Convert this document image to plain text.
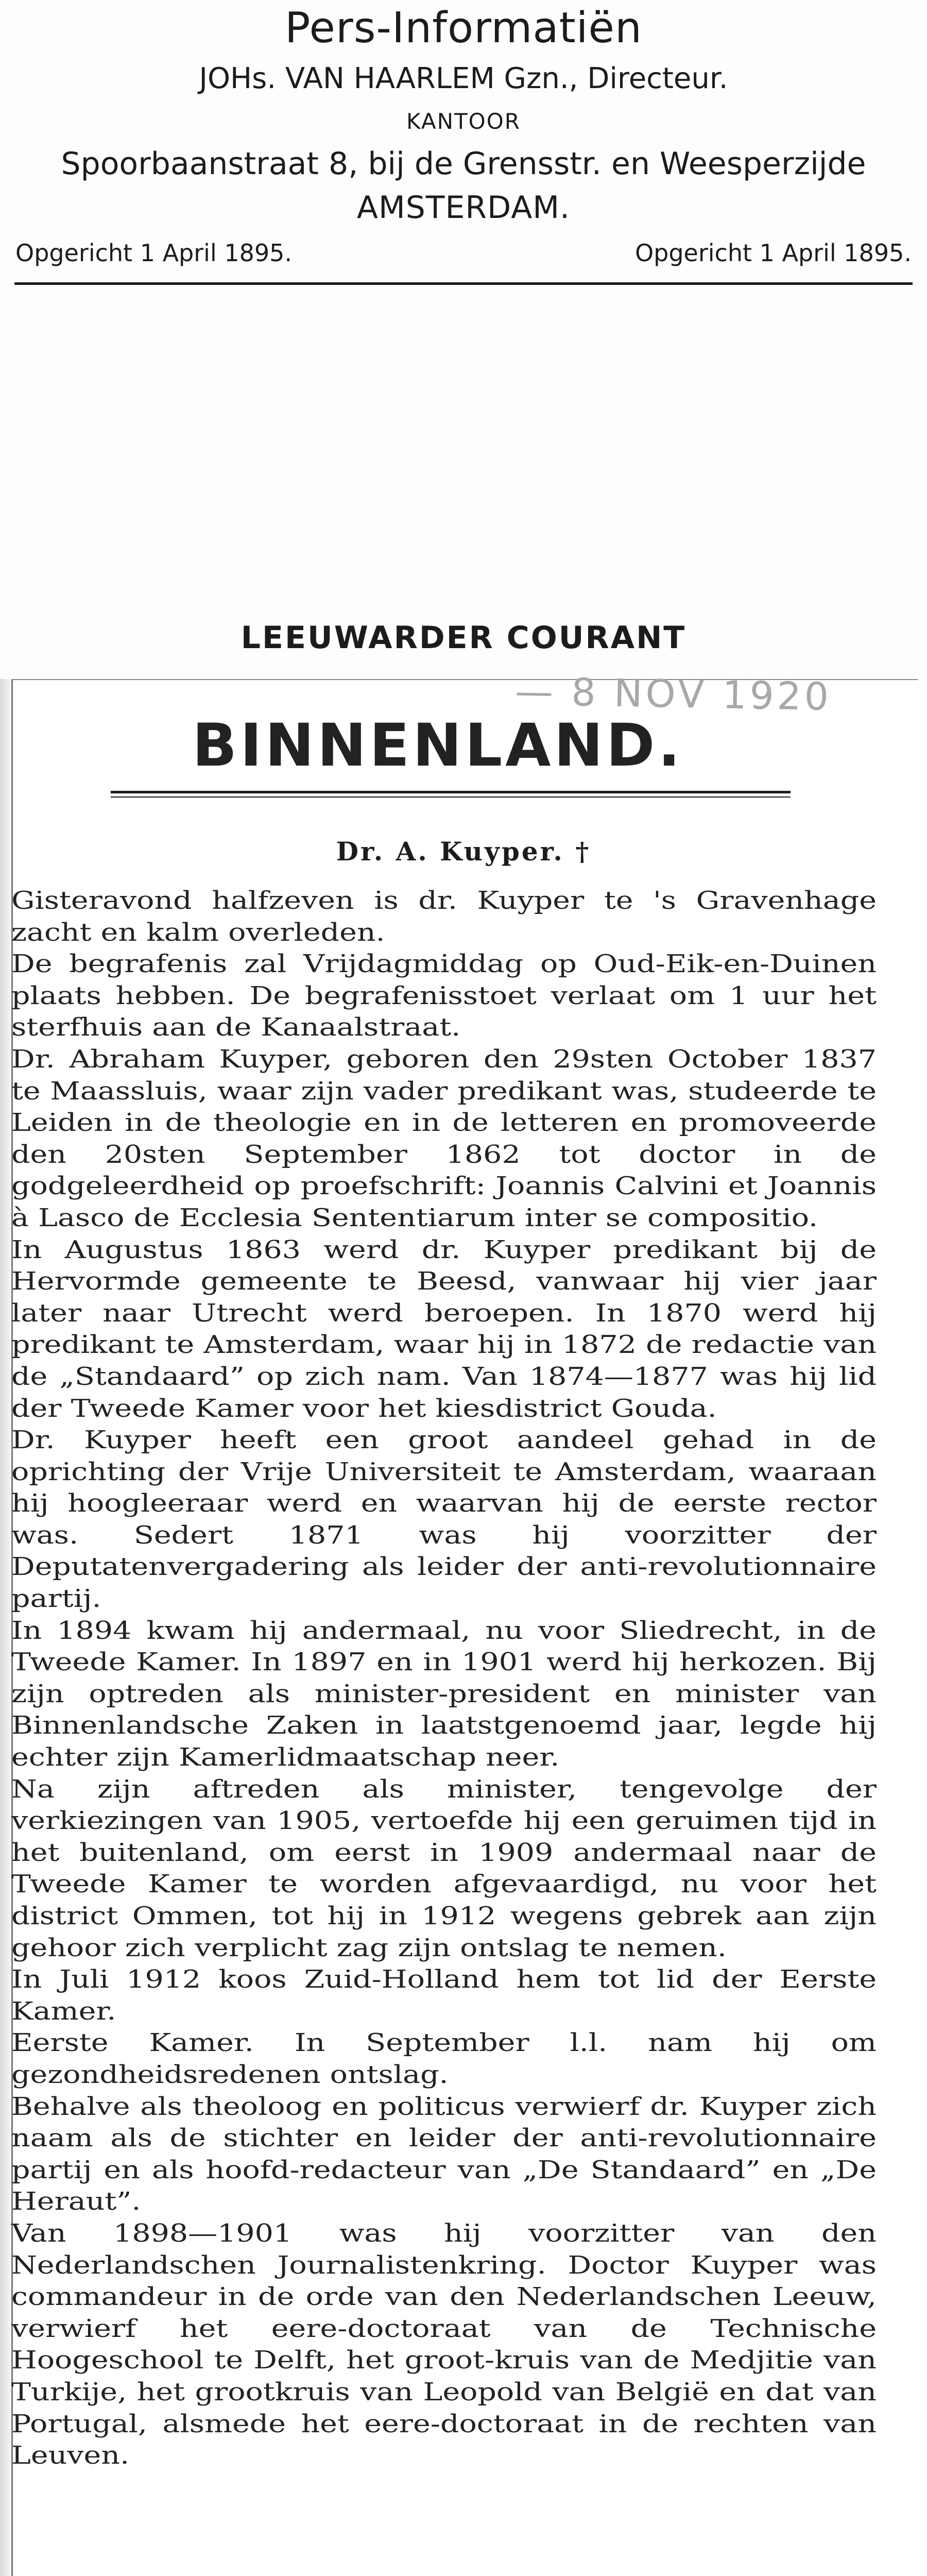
Pers-Informatiën
JOHs. VAN HAARLEM Gzn., Directeur.
KANTOOR
Spoorbaanstraat 8, bij de Grensstr. en Weesperzijde
AMSTERDAM.
Opgericht 1 April 1895.	Opgericht 1 April 1895.
LEEUWARDER COURANT
— 8 NOV 1920
BINNENLAND.
Dr. A. Kuyper. †

Gisteravond halfzeven is dr. Kuyper te 's Gravenhage zacht en kalm overleden.

De begrafenis zal Vrijdagmiddag op Oud-Eik-en-Duinen plaats hebben. De begrafenisstoet verlaat om 1 uur het sterfhuis aan de Kanaalstraat.

Dr. Abraham Kuyper, geboren den 29sten October 1837 te Maassluis, waar zijn vader predikant was, studeerde te Leiden in de theologie en in de letteren en promoveerde den 20sten September 1862 tot doctor in de godgeleerdheid op proefschrift: Joannis Calvini et Joannis à Lasco de Ecclesia Sententiarum inter se compositio.

In Augustus 1863 werd dr. Kuyper predikant bij de Hervormde gemeente te Beesd, vanwaar hij vier jaar later naar Utrecht werd beroepen. In 1870 werd hij predikant te Amsterdam, waar hij in 1872 de redactie van de „Standaard” op zich nam. Van 1874—1877 was hij lid der Tweede Kamer voor het kiesdistrict Gouda.

Dr. Kuyper heeft een groot aandeel gehad in de oprichting der Vrije Universiteit te Amsterdam, waaraan hij hoogleeraar werd en waarvan hij de eerste rector was. Sedert 1871 was hij voorzitter der Deputatenvergadering als leider der anti-revolutionnaire partij.

In 1894 kwam hij andermaal, nu voor Sliedrecht, in de Tweede Kamer. In 1897 en in 1901 werd hij herkozen. Bij zijn optreden als minister-president en minister van Binnenlandsche Zaken in laatstgenoemd jaar, legde hij echter zijn Kamerlidmaatschap neer.

Na zijn aftreden als minister, tengevolge der verkiezingen van 1905, vertoefde hij een geruimen tijd in het buitenland, om eerst in 1909 andermaal naar de Tweede Kamer te worden afgevaardigd, nu voor het district Ommen, tot hij in 1912 wegens gebrek aan zijn gehoor zich verplicht zag zijn ontslag te nemen.

In Juli 1912 koos Zuid-Holland hem tot lid der Eerste Kamer.

Eerste Kamer. In September l.l. nam hij om gezondheidsredenen ontslag.

Behalve als theoloog en politicus verwierf dr. Kuyper zich naam als de stichter en leider der anti-revolutionnaire partij en als hoofd-redacteur van „De Standaard” en „De Heraut”.

Van 1898—1901 was hij voorzitter van den Nederlandschen Journalistenkring. Doctor Kuyper was commandeur in de orde van den Nederlandschen Leeuw, verwierf het eere-doctoraat van de Technische Hoogeschool te Delft, het groot-kruis van de Medjitie van Turkije, het grootkruis van Leopold van België en dat van Portugal, alsmede het eere-doctoraat in de rechten van Leuven.
